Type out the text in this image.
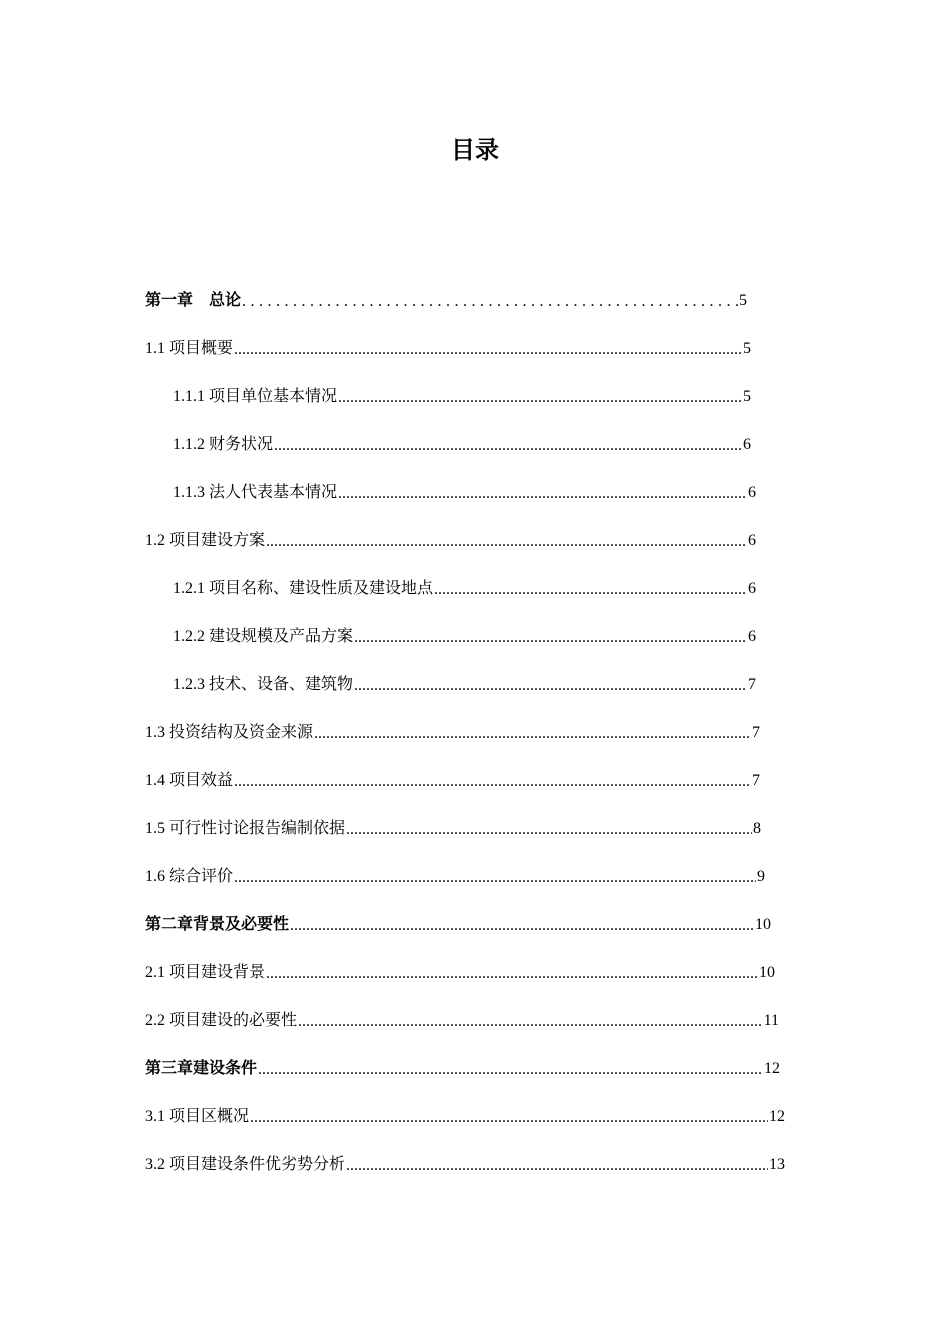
目录
第一章　总论 .....	5
1.1 项目概要 .....	5
1.1.1 项目单位基本情况 .....	5
1.1.2 财务状况 .....	6
1.1.3 法人代表基本情况 .....	6
1.2 项目建设方案 .....	6
1.2.1 项目名称、建设性质及建设地点 .....	6
1.2.2 建设规模及产品方案 .....	6
1.2.3 技术、设备、建筑物 .....	7
1.3 投资结构及资金来源 .....	7
1.4 项目效益 .....	7
1.5 可行性讨论报告编制依据 .....	8
1.6 综合评价 .....	9
第二章背景及必要性 .....	10
2.1 项目建设背景 .....	10
2.2 项目建设的必要性 .....	11
第三章建设条件 .....	12
3.1 项目区概况 .....	12
3.2 项目建设条件优劣势分析 .....	13
